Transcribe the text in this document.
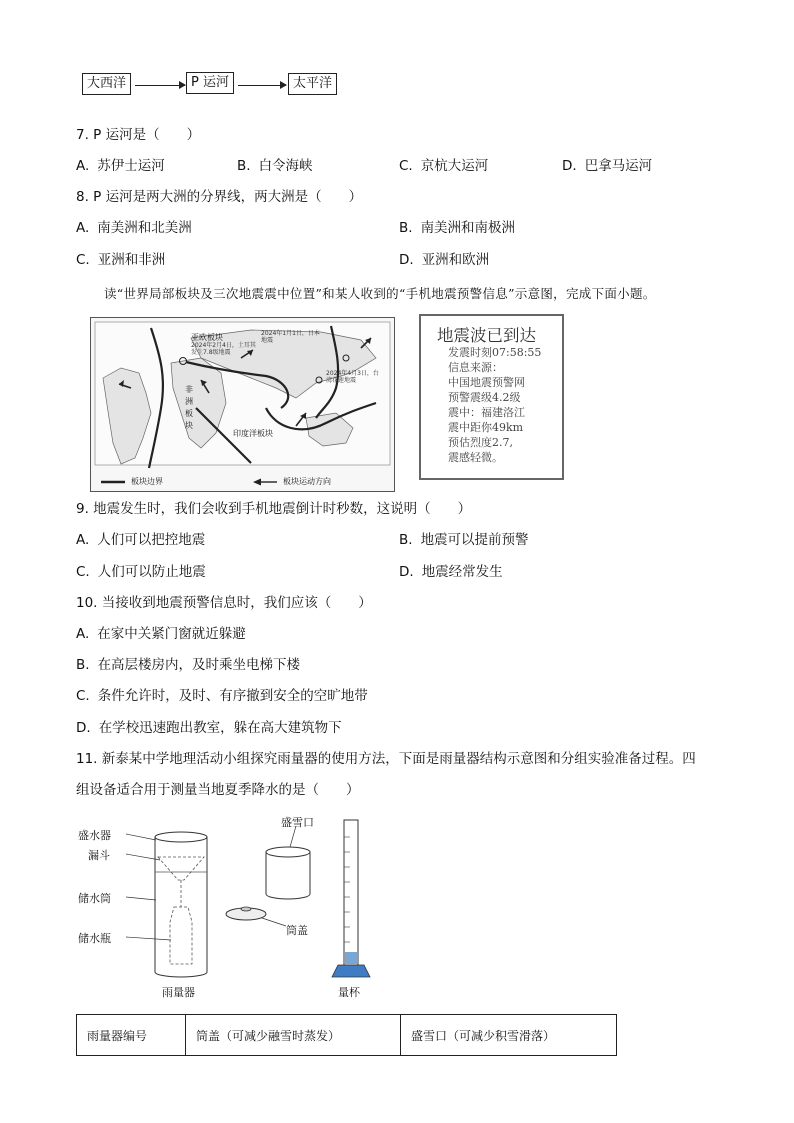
大西洋	P 运河	太平洋
7. P 运河是（　　）
A. 苏伊士运河	B. 白令海峡	C. 京杭大运河	D. 巴拿马运河
8. P 运河是两大洲的分界线，两大洲是（　　）
A. 南美洲和北美洲	B. 南美洲和南极洲
C. 亚洲和非洲	D. 亚洲和欧洲
读“世界局部板块及三次地震震中位置”和某人收到的“手机地震预警信息”示意图，完成下面小题。
亚欧板块
2024年2月4日，土耳其发生7.8级地震
2024年1月1日，日本地震
2024年4月3日，台湾花莲地震
非
洲
板
块
印度洋板块
板块边界	板块运动方向
地震波已到达
发震时刻07:58:55
信息来源：
中国地震预警网
预警震级4.2级
震中：福建洛江
震中距你49km
预估烈度2.7,
震感轻微。
9. 地震发生时，我们会收到手机地震倒计时秒数，这说明（　　）
A. 人们可以把控地震	B. 地震可以提前预警
C. 人们可以防止地震	D. 地震经常发生
10. 当接收到地震预警信息时，我们应该（　　）
A. 在家中关紧门窗就近躲避
B. 在高层楼房内，及时乘坐电梯下楼
C. 条件允许时，及时、有序撤到安全的空旷地带
D. 在学校迅速跑出教室，躲在高大建筑物下
11. 新泰某中学地理活动小组探究雨量器的使用方法，下面是雨量器结构示意图和分组实验准备过程。四
组设备适合用于测量当地夏季降水的是（　　）
盛水器
漏斗
储水筒
储水瓶
雨量器
盛雪口
筒盖
量杯
雨量器编号	筒盖（可减少融雪时蒸发）	盛雪口（可减少积雪滑落）
